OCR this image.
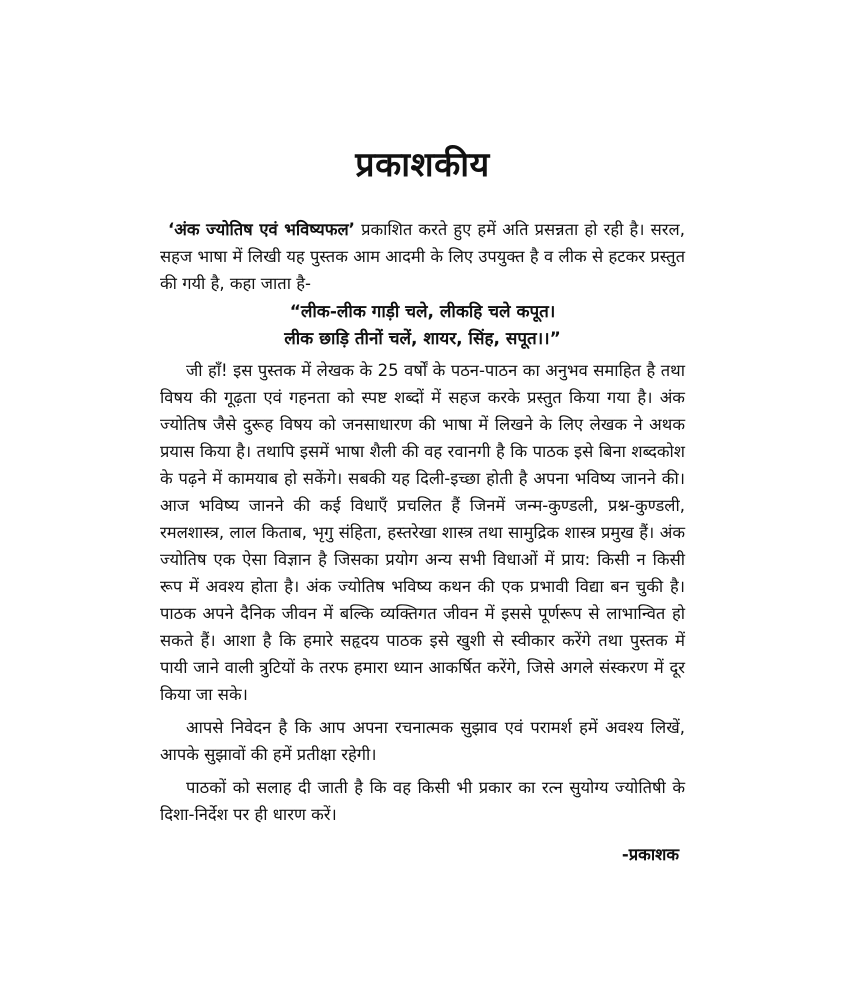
प्रकाशकीय

‘अंक ज्योतिष एवं भविष्यफल’ प्रकाशित करते हुए हमें अति प्रसन्नता हो रही है। सरल, सहज भाषा में लिखी यह पुस्तक आम आदमी के लिए उपयुक्त है व लीक से हटकर प्रस्तुत की गयी है, कहा जाता है-

“लीक-लीक गाड़ी चले, लीकहि चले कपूत।
लीक छाड़ि तीनों चलें, शायर, सिंह, सपूत।।”

जी हाँ! इस पुस्तक में लेखक के 25 वर्षों के पठन-पाठन का अनुभव समाहित है तथा विषय की गूढ़ता एवं गहनता को स्पष्ट शब्दों में सहज करके प्रस्तुत किया गया है। अंक ज्योतिष जैसे दुरूह विषय को जनसाधारण की भाषा में लिखने के लिए लेखक ने अथक प्रयास किया है। तथापि इसमें भाषा शैली की वह रवानगी है कि पाठक इसे बिना शब्दकोश के पढ़ने में कामयाब हो सकेंगे। सबकी यह दिली-इच्छा होती है अपना भविष्य जानने की। आज भविष्य जानने की कई विधाएँ प्रचलित हैं जिनमें जन्म-कुण्डली, प्रश्न-कुण्डली, रमलशास्त्र, लाल किताब, भृगु संहिता, हस्तरेखा शास्त्र तथा सामुद्रिक शास्त्र प्रमुख हैं। अंक ज्योतिष एक ऐसा विज्ञान है जिसका प्रयोग अन्य सभी विधाओं में प्राय: किसी न किसी रूप में अवश्य होता है। अंक ज्योतिष भविष्य कथन की एक प्रभावी विद्या बन चुकी है। पाठक अपने दैनिक जीवन में बल्कि व्यक्तिगत जीवन में इससे पूर्णरूप से लाभान्वित हो सकते हैं। आशा है कि हमारे सहृदय पाठक इसे खुशी से स्वीकार करेंगे तथा पुस्तक में पायी जाने वाली त्रुटियों के तरफ हमारा ध्यान आकर्षित करेंगे, जिसे अगले संस्करण में दूर किया जा सके।

आपसे निवेदन है कि आप अपना रचनात्मक सुझाव एवं परामर्श हमें अवश्य लिखें, आपके सुझावों की हमें प्रतीक्षा रहेगी।

पाठकों को सलाह दी जाती है कि वह किसी भी प्रकार का रत्न सुयोग्य ज्योतिषी के दिशा-निर्देश पर ही धारण करें।

-प्रकाशक
